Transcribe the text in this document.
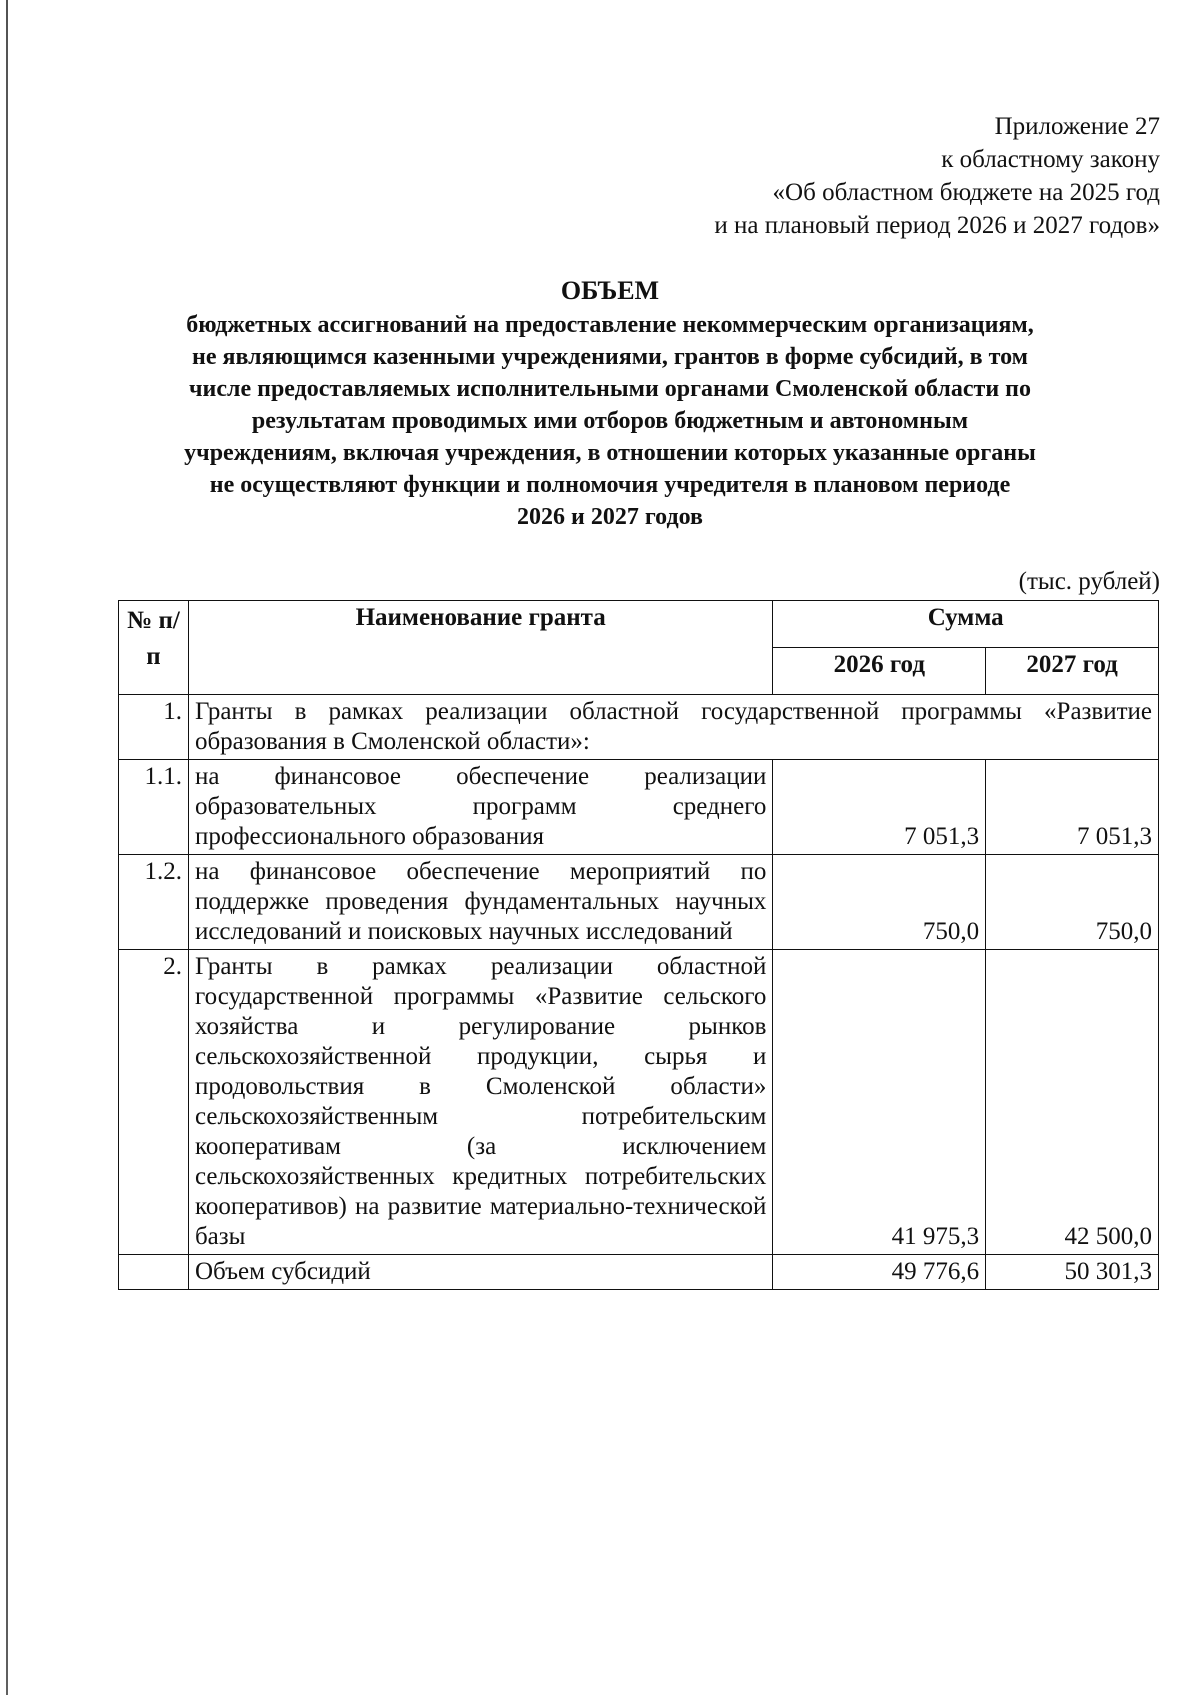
Приложение 27
к областному закону
«Об областном бюджете на 2025 год
и на плановый период 2026 и 2027 годов»
ОБЪЕМ
бюджетных ассигнований на предоставление некоммерческим организациям,
не являющимся казенными учреждениями, грантов в форме субсидий, в том
числе предоставляемых исполнительными органами Смоленской области по
результатам проводимых ими отборов бюджетным и автономным
учреждениям, включая учреждения, в отношении которых указанные органы
не осуществляют функции и полномочия учредителя в плановом периоде
2026 и 2027 годов
(тыс. рублей)
№ п/п	Наименование гранта	Сумма	
		2026 год	2027 год
1.	Гранты в рамках реализации областной государственной программы «Развитие образования в Смоленской области»:		
1.1.	на финансовое обеспечение реализации образовательных программ среднего профессионального образования	7 051,3	7 051,3
1.2.	на финансовое обеспечение мероприятий по поддержке проведения фундаментальных научных исследований и поисковых научных исследований	750,0	750,0
2.	Гранты в рамках реализации областной государственной программы «Развитие сельского хозяйства и регулирование рынков сельскохозяйственной продукции, сырья и продовольствия в Смоленской области» сельскохозяйственным потребительским кооперативам (за исключением сельскохозяйственных кредитных потребительских кооперативов) на развитие материально-технической базы	41 975,3	42 500,0
	Объем субсидий	49 776,6	50 301,3
